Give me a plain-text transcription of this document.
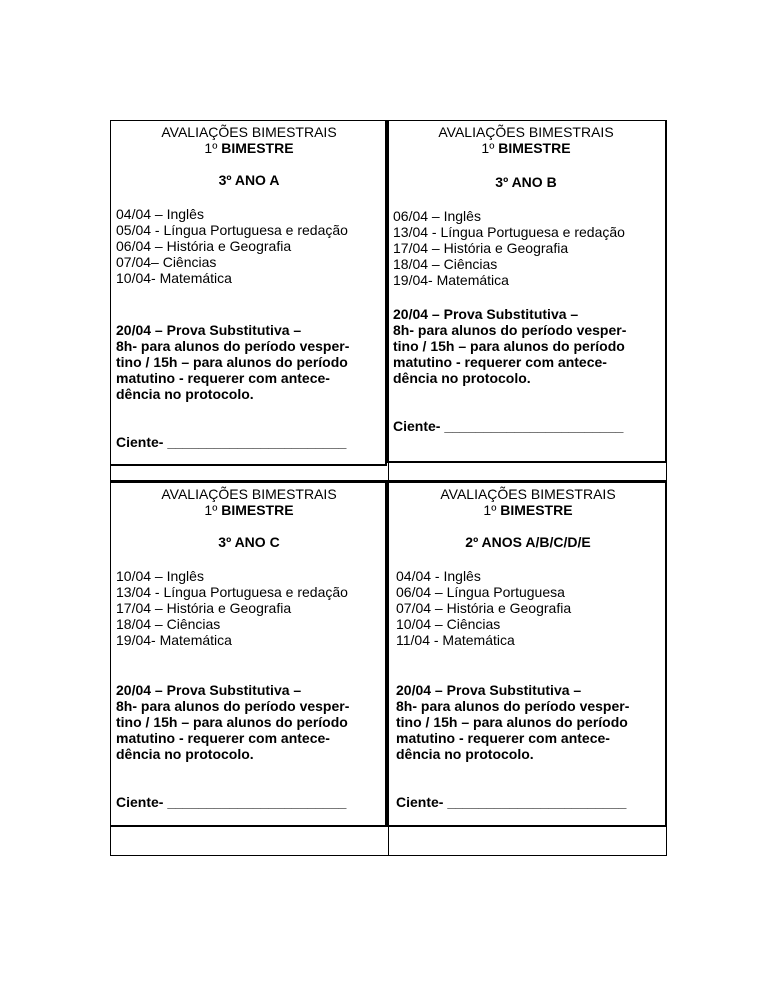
AVALIAÇÕES BIMESTRAIS
1º BIMESTRE
3º ANO A
04/04 – Inglês
05/04 - Língua Portuguesa e redação
06/04 – História e Geografia
07/04– Ciências
10/04- Matemática
20/04 – Prova Substitutiva –
8h- para alunos do período vesper-
tino / 15h – para alunos do período
matutino - requerer com antece-
dência no protocolo.
Ciente- _______________________
AVALIAÇÕES BIMESTRAIS
1º BIMESTRE
3º ANO B
06/04 – Inglês
13/04 - Língua Portuguesa e redação
17/04 – História e Geografia
18/04 – Ciências
19/04- Matemática
20/04 – Prova Substitutiva –
8h- para alunos do período vesper-
tino / 15h – para alunos do período
matutino - requerer com antece-
dência no protocolo.
Ciente- _______________________
AVALIAÇÕES BIMESTRAIS
1º BIMESTRE
3º ANO C
10/04 – Inglês
13/04 - Língua Portuguesa e redação
17/04 – História e Geografia
18/04 – Ciências
19/04- Matemática
20/04 – Prova Substitutiva –
8h- para alunos do período vesper-
tino / 15h – para alunos do período
matutino - requerer com antece-
dência no protocolo.
Ciente- _______________________
AVALIAÇÕES BIMESTRAIS
1º BIMESTRE
2º ANOS A/B/C/D/E
04/04 - Inglês
06/04 – Língua Portuguesa
07/04 – História e Geografia
10/04 – Ciências
11/04 - Matemática
20/04 – Prova Substitutiva –
8h- para alunos do período vesper-
tino / 15h – para alunos do período
matutino - requerer com antece-
dência no protocolo.
Ciente- _______________________
